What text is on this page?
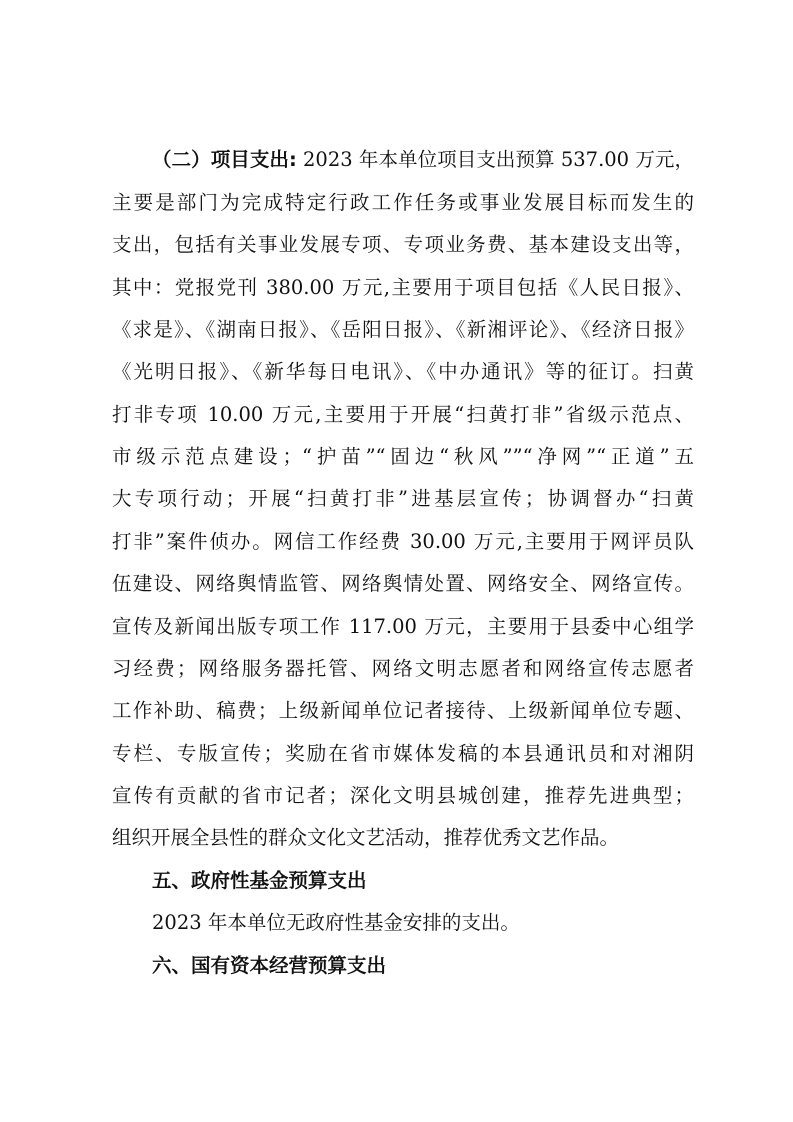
（二）项目支出: 2023 年本单位项目支出预算 537.00 万元，
主要是部门为完成特定行政工作任务或事业发展目标而发生的
支出，包括有关事业发展专项、专项业务费、基本建设支出等，
其中：党报党刊 380.00 万元,主要用于项目包括《人民日报》、
《求是》、《湖南日报》、《岳阳日报》、《新湘评论》、《经济日报》
《光明日报》、《新华每日电讯》、《中办通讯》等的征订。扫黄
打非专项 10.00 万元,主要用于开展“扫黄打非”省级示范点、
市级示范点建设；“护苗”“固边“秋风””“净网”“正道”五
大专项行动；开展“扫黄打非”进基层宣传；协调督办“扫黄
打非”案件侦办。网信工作经费 30.00 万元,主要用于网评员队
伍建设、网络舆情监管、网络舆情处置、网络安全、网络宣传。
宣传及新闻出版专项工作 117.00 万元，主要用于县委中心组学
习经费；网络服务器托管、网络文明志愿者和网络宣传志愿者
工作补助、稿费；上级新闻单位记者接待、上级新闻单位专题、
专栏、专版宣传；奖励在省市媒体发稿的本县通讯员和对湘阴
宣传有贡献的省市记者；深化文明县城创建，推荐先进典型；
组织开展全县性的群众文化文艺活动，推荐优秀文艺作品。
五、政府性基金预算支出
2023 年本单位无政府性基金安排的支出。
六、国有资本经营预算支出
